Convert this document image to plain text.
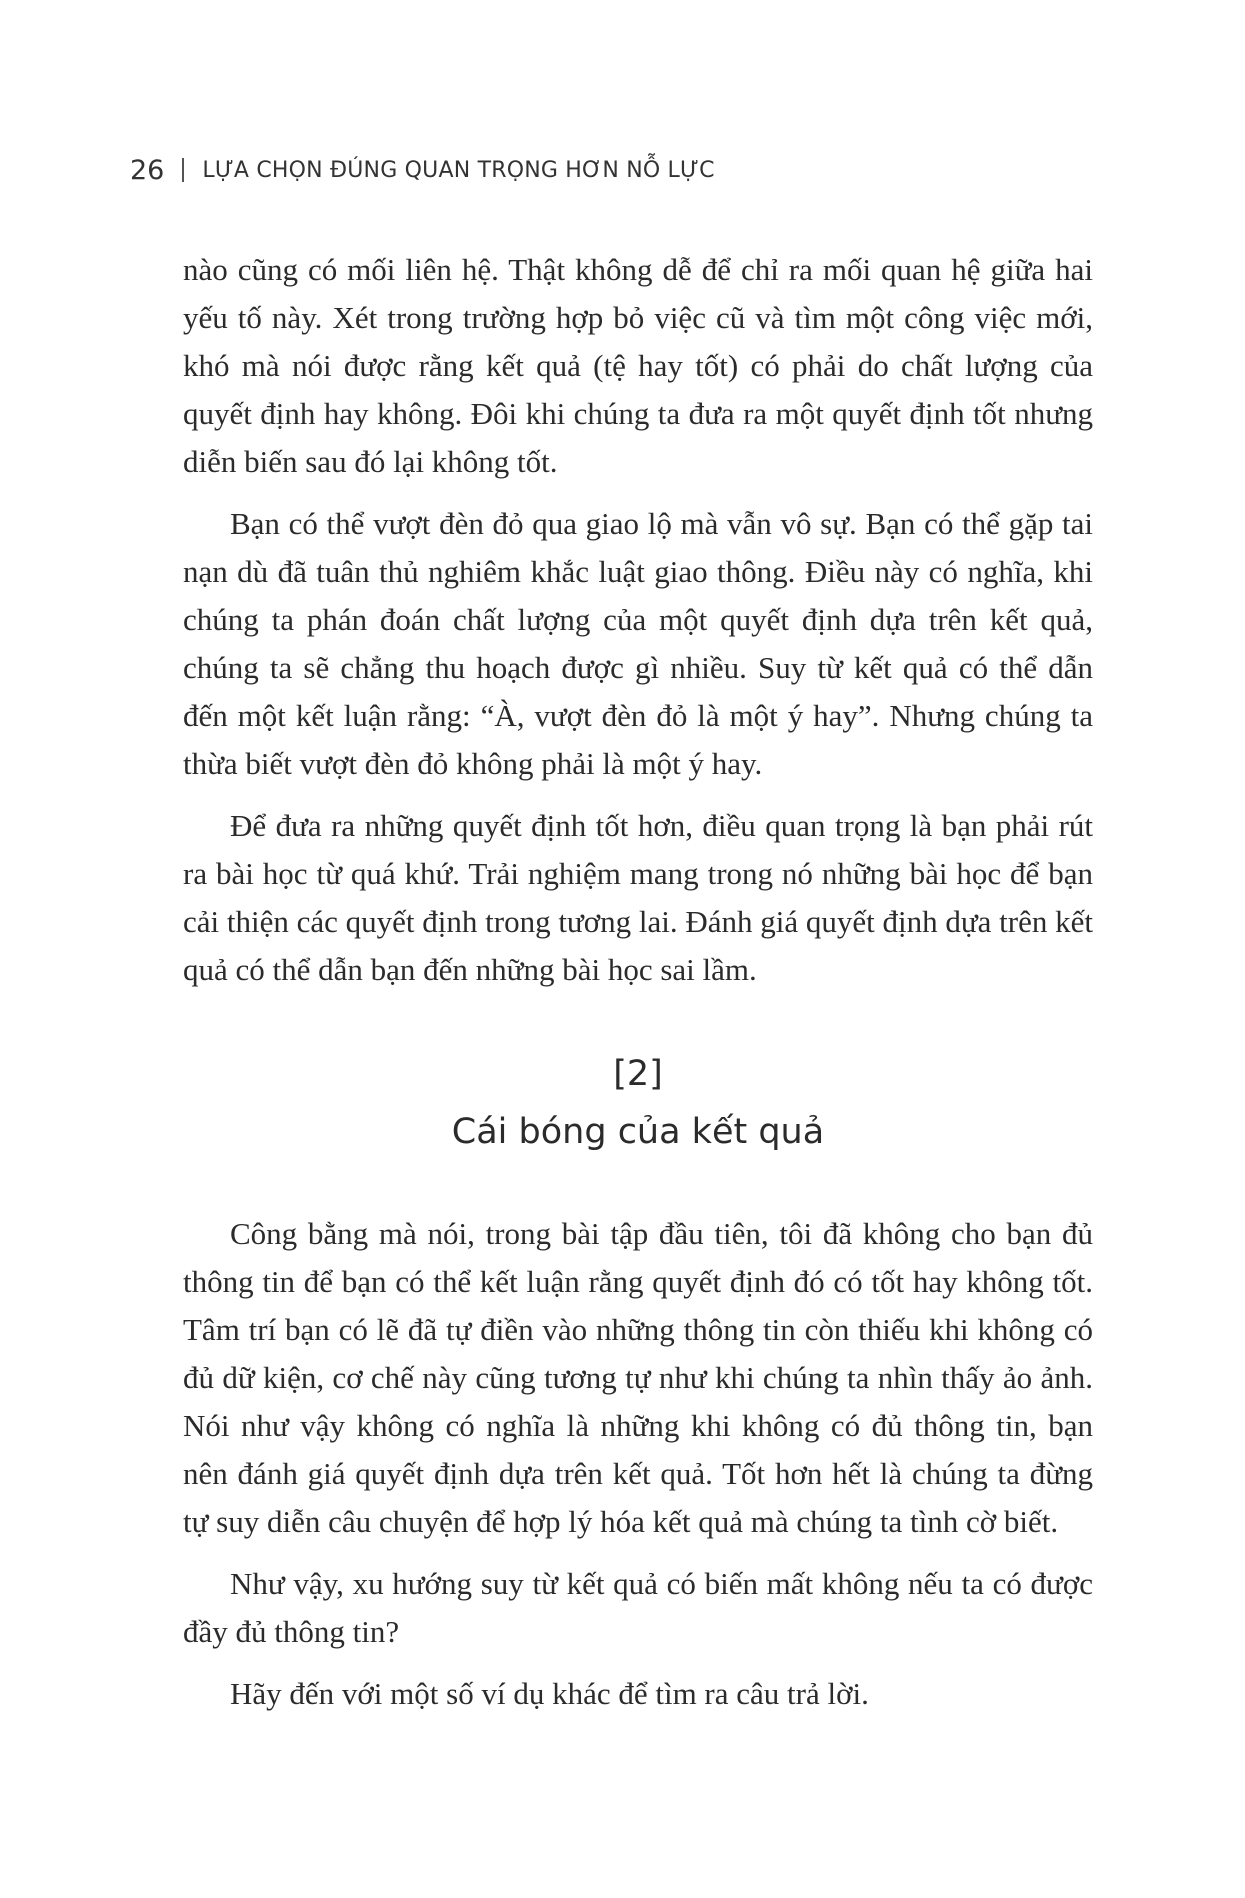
26 LỰA CHỌN ĐÚNG QUAN TRỌNG HƠN NỖ LỰC

nào cũng có mối liên hệ. Thật không dễ để chỉ ra mối quan hệ giữa hai yếu tố này. Xét trong trường hợp bỏ việc cũ và tìm một công việc mới, khó mà nói được rằng kết quả (tệ hay tốt) có phải do chất lượng của quyết định hay không. Đôi khi chúng ta đưa ra một quyết định tốt nhưng diễn biến sau đó lại không tốt.

Bạn có thể vượt đèn đỏ qua giao lộ mà vẫn vô sự. Bạn có thể gặp tai nạn dù đã tuân thủ nghiêm khắc luật giao thông. Điều này có nghĩa, khi chúng ta phán đoán chất lượng của một quyết định dựa trên kết quả, chúng ta sẽ chẳng thu hoạch được gì nhiều. Suy từ kết quả có thể dẫn đến một kết luận rằng: “À, vượt đèn đỏ là một ý hay”. Nhưng chúng ta thừa biết vượt đèn đỏ không phải là một ý hay.

Để đưa ra những quyết định tốt hơn, điều quan trọng là bạn phải rút ra bài học từ quá khứ. Trải nghiệm mang trong nó những bài học để bạn cải thiện các quyết định trong tương lai. Đánh giá quyết định dựa trên kết quả có thể dẫn bạn đến những bài học sai lầm.

[2]
Cái bóng của kết quả

Công bằng mà nói, trong bài tập đầu tiên, tôi đã không cho bạn đủ thông tin để bạn có thể kết luận rằng quyết định đó có tốt hay không tốt. Tâm trí bạn có lẽ đã tự điền vào những thông tin còn thiếu khi không có đủ dữ kiện, cơ chế này cũng tương tự như khi chúng ta nhìn thấy ảo ảnh. Nói như vậy không có nghĩa là những khi không có đủ thông tin, bạn nên đánh giá quyết định dựa trên kết quả. Tốt hơn hết là chúng ta đừng tự suy diễn câu chuyện để hợp lý hóa kết quả mà chúng ta tình cờ biết.

Như vậy, xu hướng suy từ kết quả có biến mất không nếu ta có được đầy đủ thông tin?

Hãy đến với một số ví dụ khác để tìm ra câu trả lời.
